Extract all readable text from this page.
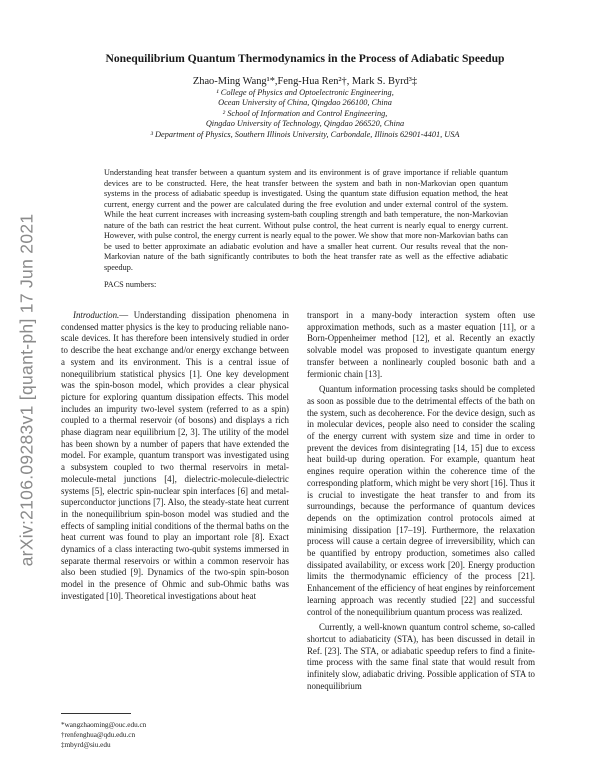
arXiv:2106.09283v1 [quant-ph] 17 Jun 2021
Nonequilibrium Quantum Thermodynamics in the Process of Adiabatic Speedup
Zhao-Ming Wang¹*,Feng-Hua Ren²†, Mark S. Byrd³‡
¹ College of Physics and Optoelectronic Engineering,
Ocean University of China, Qingdao 266100, China
² School of Information and Control Engineering,
Qingdao University of Technology, Qingdao 266520, China
³ Department of Physics, Southern Illinois University, Carbondale, Illinois 62901-4401, USA
Understanding heat transfer between a quantum system and its environment is of grave importance if reliable quantum devices are to be constructed. Here, the heat transfer between the system and bath in non-Markovian open quantum systems in the process of adiabatic speedup is investigated. Using the quantum state diffusion equation method, the heat current, energy current and the power are calculated during the free evolution and under external control of the system. While the heat current increases with increasing system-bath coupling strength and bath temperature, the non-Markovian nature of the bath can restrict the heat current. Without pulse control, the heat current is nearly equal to energy current. However, with pulse control, the energy current is nearly equal to the power. We show that more non-Markovian baths can be used to better approximate an adiabatic evolution and have a smaller heat current. Our results reveal that the non-Markovian nature of the bath significantly contributes to both the heat transfer rate as well as the effective adiabatic speedup.
PACS numbers:

Introduction.— Understanding dissipation phenomena in condensed matter physics is the key to producing reliable nano-scale devices. It has therefore been intensively studied in order to describe the heat exchange and/or energy exchange between a system and its environment. This is a central issue of nonequilibrium statistical physics [1]. One key development was the spin-boson model, which provides a clear physical picture for exploring quantum dissipation effects. This model includes an impurity two-level system (referred to as a spin) coupled to a thermal reservoir (of bosons) and displays a rich phase diagram near equilibrium [2, 3]. The utility of the model has been shown by a number of papers that have extended the model. For example, quantum transport was investigated using a subsystem coupled to two thermal reservoirs in metal-molecule-metal junctions [4], dielectric-molecule-dielectric systems [5], electric spin-nuclear spin interfaces [6] and metal-superconductor junctions [7]. Also, the steady-state heat current in the nonequilibrium spin-boson model was studied and the effects of sampling initial conditions of the thermal baths on the heat current was found to play an important role [8]. Exact dynamics of a class interacting two-qubit systems immersed in separate thermal reservoirs or within a common reservoir has also been studied [9]. Dynamics of the two-spin spin-boson model in the presence of Ohmic and sub-Ohmic baths was investigated [10]. Theoretical investigations about heat

transport in a many-body interaction system often use approximation methods, such as a master equation [11], or a Born-Oppenheimer method [12], et al. Recently an exactly solvable model was proposed to investigate quantum energy transfer between a nonlinearly coupled bosonic bath and a fermionic chain [13].

Quantum information processing tasks should be completed as soon as possible due to the detrimental effects of the bath on the system, such as decoherence. For the device design, such as in molecular devices, people also need to consider the scaling of the energy current with system size and time in order to prevent the devices from disintegrating [14, 15] due to excess heat build-up during operation. For example, quantum heat engines require operation within the coherence time of the corresponding platform, which might be very short [16]. Thus it is crucial to investigate the heat transfer to and from its surroundings, because the performance of quantum devices depends on the optimization control protocols aimed at minimising dissipation [17–19]. Furthermore, the relaxation process will cause a certain degree of irreversibility, which can be quantified by entropy production, sometimes also called dissipated availability, or excess work [20]. Energy production limits the thermodynamic efficiency of the process [21]. Enhancement of the efficiency of heat engines by reinforcement learning approach was recently studied [22] and successful control of the nonequilibrium quantum process was realized.

Currently, a well-known quantum control scheme, so-called shortcut to adiabaticity (STA), has been discussed in detail in Ref. [23]. The STA, or adiabatic speedup refers to find a finite-time process with the same final state that would result from infinitely slow, adiabatic driving. Possible application of STA to nonequilibrium

*wangzhaoming@ouc.edu.cn
†renfenghua@qdu.edu.cn
‡mbyrd@siu.edu
